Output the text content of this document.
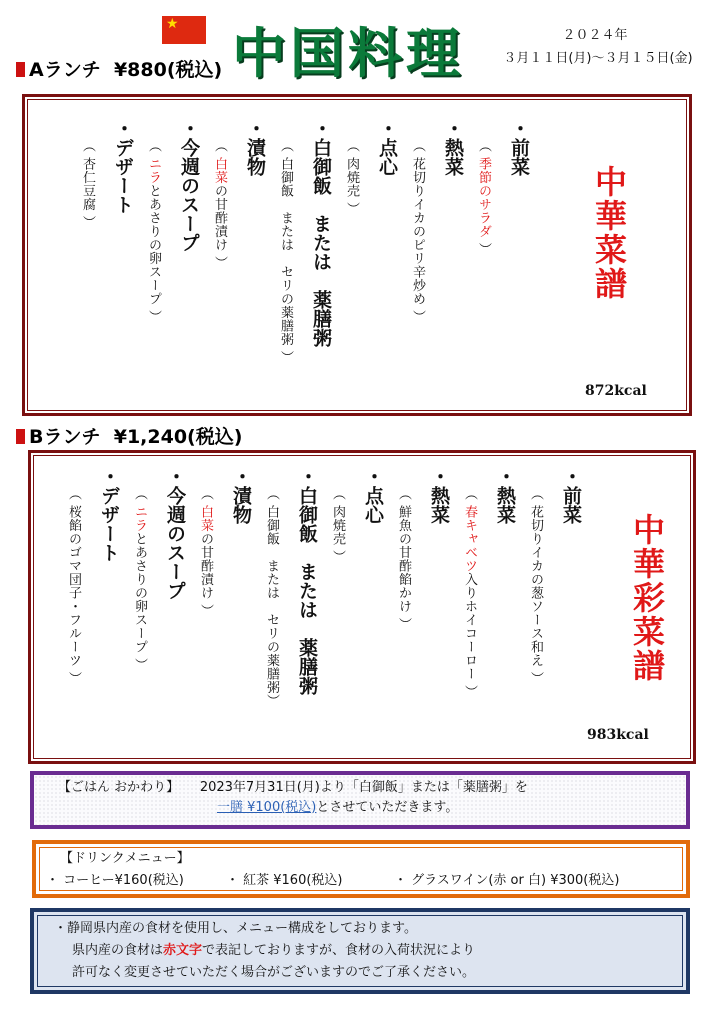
★ 中国料理	２０２４年
３月１１日(月)～３月１５日(金)
Aランチ ¥880(税込)
中華菜譜
872kcal
・前菜
（ 季節のサラダ ）
・熱菜
（ 花切りイカのピリ辛炒め ）
・点心
（ 肉焼売 ）
・白御飯　または　薬膳粥
（ 白御飯　または　セリの薬膳粥 ）
・漬物
（ 白菜の甘酢漬け ）
・今週のスープ
（ ニラとあさりの卵スープ ）
・デザート
（ 杏仁豆腐 ）
Bランチ ¥1,240(税込)
中華彩菜譜
983kcal
・前菜
（ 花切りイカの葱ソース和え ）
・熱菜
（ 春キャベツ入りホイコーロー ）
・熱菜
（ 鮮魚の甘酢餡かけ ）
・点心
（ 肉焼売 ）
・白御飯　または　薬膳粥
（ 白御飯　または　セリの薬膳粥）
・漬物
（ 白菜の甘酢漬け ）
・今週のスープ
（ ニラとあさりの卵スープ ）
・デザート
（ 桜餡のゴマ団子・フルーツ ）
【ごはん おかわり】 2023年7月31日(月)より「白御飯」または「薬膳粥」を
一膳 ¥100(税込)とさせていただきます。
【ドリンクメニュー】
・ コーヒー¥160(税込)	・ 紅茶 ¥160(税込)	・ グラスワイン(赤 or 白) ¥300(税込)
・静岡県内産の食材を使用し、メニュー構成をしております。
県内産の食材は赤文字で表記しておりますが、食材の入荷状況により
許可なく変更させていただく場合がございますのでご了承ください。
